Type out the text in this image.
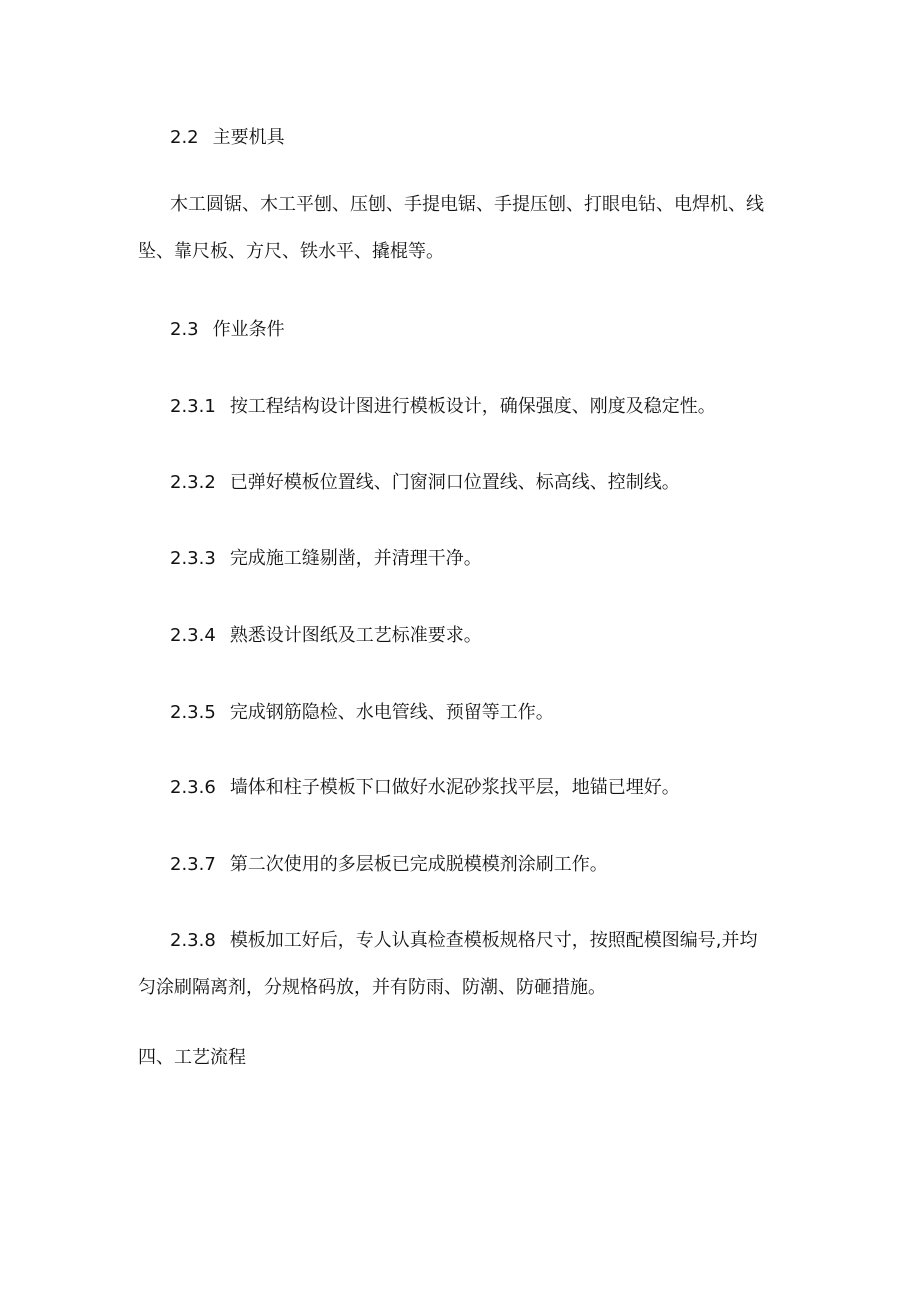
2.2 主要机具
木工圆锯、木工平刨、压刨、手提电锯、手提压刨、打眼电钻、电焊机、线
坠、靠尺板、方尺、铁水平、撬棍等。
2.3 作业条件
2.3.1 按工程结构设计图进行模板设计，确保强度、刚度及稳定性。
2.3.2 已弹好模板位置线、门窗洞口位置线、标高线、控制线。
2.3.3 完成施工缝剔凿，并清理干净。
2.3.4 熟悉设计图纸及工艺标准要求。
2.3.5 完成钢筋隐检、水电管线、预留等工作。
2.3.6 墙体和柱子模板下口做好水泥砂浆找平层，地锚已埋好。
2.3.7 第二次使用的多层板已完成脱模模剂涂刷工作。
2.3.8 模板加工好后，专人认真检查模板规格尺寸，按照配模图编号,并均
匀涂刷隔离剂，分规格码放，并有防雨、防潮、防砸措施。
四、工艺流程
